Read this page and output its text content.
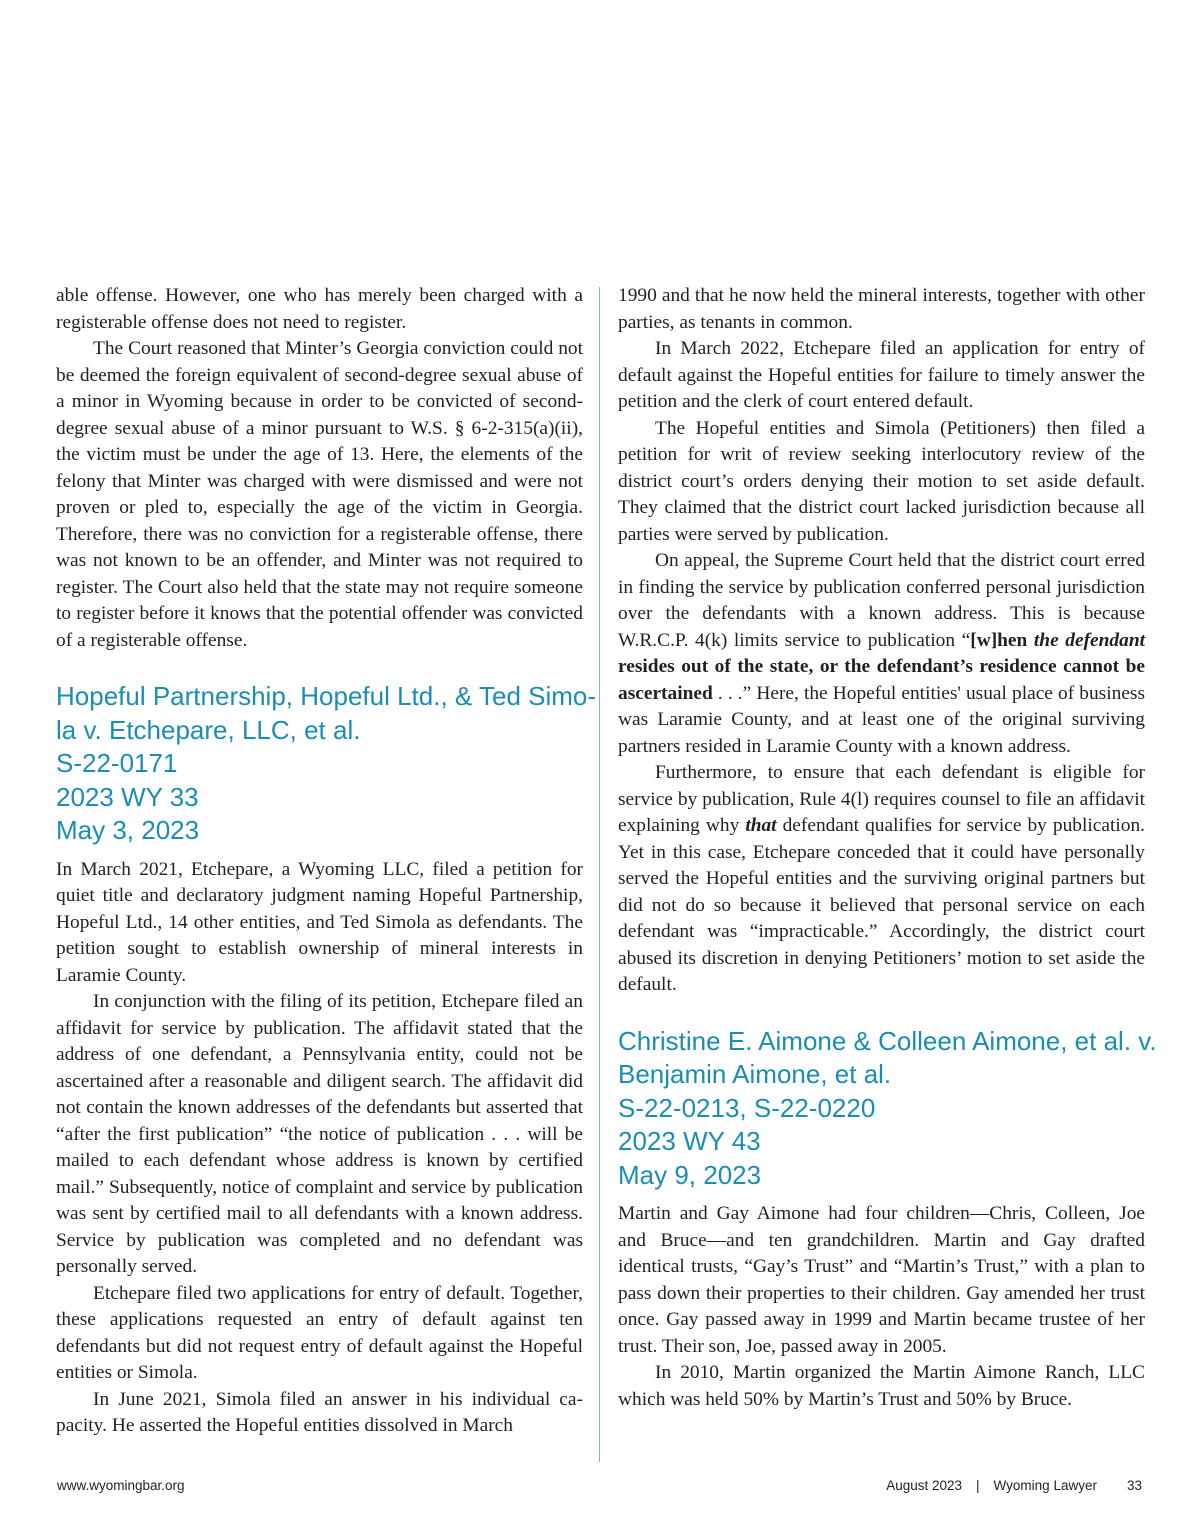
able offense. However, one who has merely been charged with a registerable offense does not need to register.

The Court reasoned that Minter’s Georgia conviction could not be deemed the foreign equivalent of second-degree sexual abuse of a minor in Wyoming because in order to be convicted of second-degree sexual abuse of a minor pursuant to W.S. § 6-2-315(a)(ii), the victim must be under the age of 13. Here, the elements of the felony that Minter was charged with were dismissed and were not proven or pled to, especially the age of the victim in Georgia. Therefore, there was no conviction for a registerable offense, there was not known to be an offender, and Minter was not required to register. The Court also held that the state may not require someone to register before it knows that the potential offender was convicted of a registerable offense.

Hopeful Partnership, Hopeful Ltd., & Ted Simo-
la v. Etchepare, LLC, et al.
S-22-0171
2023 WY 33
May 3, 2023

In March 2021, Etchepare, a Wyoming LLC, filed a petition for quiet title and declaratory judgment naming Hopeful Partnership, Hopeful Ltd., 14 other entities, and Ted Simola as defendants. The petition sought to establish ownership of mineral interests in Laramie County.

In conjunction with the filing of its petition, Etchepare filed an affidavit for service by publication. The affidavit stated that the address of one defendant, a Pennsylvania entity, could not be ascertained after a reasonable and diligent search. The affidavit did not contain the known addresses of the defendants but asserted that “after the first publication” “the notice of publication . . . will be mailed to each defendant whose address is known by certified mail.” Subsequently, notice of complaint and service by publication was sent by certified mail to all defendants with a known address. Service by publication was completed and no defendant was personally served.

Etchepare filed two applications for entry of default. Together, these applications requested an entry of default against ten defendants but did not request entry of default against the Hopeful entities or Simola.

In June 2021, Simola filed an answer in his individual capacity. He asserted the Hopeful entities dissolved in March

1990 and that he now held the mineral interests, together with other parties, as tenants in common.

In March 2022, Etchepare filed an application for entry of default against the Hopeful entities for failure to timely answer the petition and the clerk of court entered default.

The Hopeful entities and Simola (Petitioners) then filed a petition for writ of review seeking interlocutory review of the district court’s orders denying their motion to set aside default. They claimed that the district court lacked jurisdiction because all parties were served by publication.

On appeal, the Supreme Court held that the district court erred in finding the service by publication conferred personal jurisdiction over the defendants with a known address. This is because W.R.C.P. 4(k) limits service to publication “[w]hen the defendant resides out of the state, or the defendant’s residence cannot be ascertained . . .” Here, the Hopeful entities' usual place of business was Laramie County, and at least one of the original surviving partners resided in Laramie County with a known address.

Furthermore, to ensure that each defendant is eligible for service by publication, Rule 4(l) requires counsel to file an affidavit explaining why that defendant qualifies for service by publication. Yet in this case, Etchepare conceded that it could have personally served the Hopeful entities and the surviving original partners but did not do so because it believed that personal service on each defendant was “impracticable.” Accordingly, the district court abused its discretion in denying Petitioners’ motion to set aside the default.

Christine E. Aimone & Colleen Aimone, et al. v.
Benjamin Aimone, et al.
S-22-0213, S-22-0220
2023 WY 43
May 9, 2023

Martin and Gay Aimone had four children—Chris, Colleen, Joe and Bruce—and ten grandchildren. Martin and Gay drafted identical trusts, “Gay’s Trust” and “Martin’s Trust,” with a plan to pass down their properties to their children. Gay amended her trust once. Gay passed away in 1999 and Martin became trustee of her trust. Their son, Joe, passed away in 2005.

In 2010, Martin organized the Martin Aimone Ranch, LLC which was held 50% by Martin’s Trust and 50% by Bruce.

www.wyomingbar.org	August 2023 | Wyoming Lawyer 33
